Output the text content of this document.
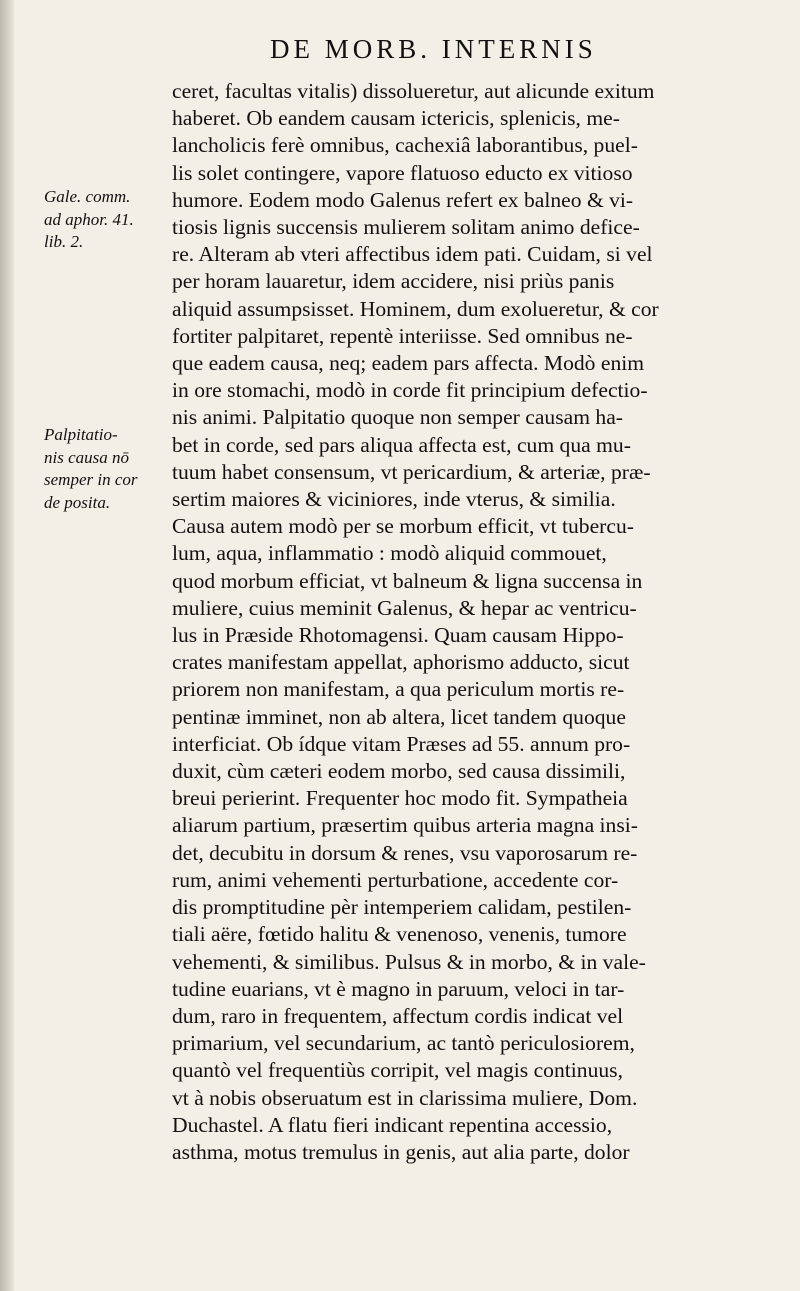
DE MORB. INTERNIS
Gale. comm.
ad aphor. 41.
lib. 2.
Palpitatio-
nis causa nō
semper in cor
de posita.
ceret, facultas vitalis) dissolueretur, aut alicunde exitum
haberet. Ob eandem causam ictericis, splenicis, me-
lancholicis ferè omnibus, cachexiâ laborantibus, puel-
lis solet contingere, vapore flatuoso educto ex vitioso
humore. Eodem modo Galenus refert ex balneo & vi-
tiosis lignis succensis mulierem solitam animo defice-
re. Alteram ab vteri affectibus idem pati. Cuidam, si vel
per horam lauaretur, idem accidere, nisi priùs panis
aliquid assumpsisset. Hominem, dum exolueretur, & cor
fortiter palpitaret, repentè interiisse. Sed omnibus ne-
que eadem causa, neq; eadem pars affecta. Modò enim
in ore stomachi, modò in corde fit principium defectio-
nis animi. Palpitatio quoque non semper causam ha-
bet in corde, sed pars aliqua affecta est, cum qua mu-
tuum habet consensum, vt pericardium, & arteriæ, præ-
sertim maiores & viciniores, inde vterus, & similia.
Causa autem modò per se morbum efficit, vt tubercu-
lum, aqua, inflammatio : modò aliquid commouet,
quod morbum efficiat, vt balneum & ligna succensa in
muliere, cuius meminit Galenus, & hepar ac ventricu-
lus in Præside Rhotomagensi. Quam causam Hippo-
crates manifestam appellat, aphorismo adducto, sicut
priorem non manifestam, a qua periculum mortis re-
pentinæ imminet, non ab altera, licet tandem quoque
interficiat. Ob ídque vitam Præses ad 55. annum pro-
duxit, cùm cæteri eodem morbo, sed causa dissimili,
breui perierint. Frequenter hoc modo fit. Sympatheia
aliarum partium, præsertim quibus arteria magna insi-
det, decubitu in dorsum & renes, vsu vaporosarum re-
rum, animi vehementi perturbatione, accedente cor-
dis promptitudine pèr intemperiem calidam, pestilen-
tiali aëre, fœtido halitu & venenoso, venenis, tumore
vehementi, & similibus. Pulsus & in morbo, & in vale-
tudine euarians, vt è magno in paruum, veloci in tar-
dum, raro in frequentem, affectum cordis indicat vel
primarium, vel secundarium, ac tantò periculosiorem,
quantò vel frequentiùs corripit, vel magis continuus,
vt à nobis obseruatum est in clarissima muliere, Dom.
Duchastel. A flatu fieri indicant repentina accessio,
asthma, motus tremulus in genis, aut alia parte, dolor
